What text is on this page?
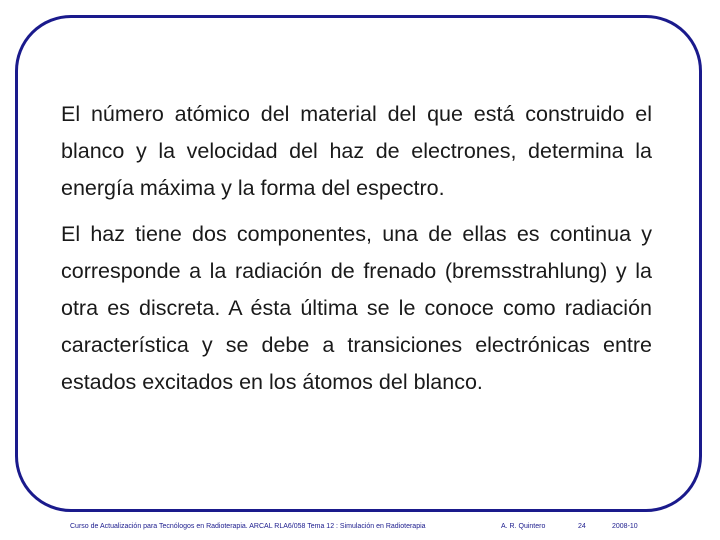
El número atómico del material del que está construido el blanco y la velocidad del haz de electrones, determina la energía máxima y la forma del espectro.

El haz tiene dos componentes, una de ellas es continua y corresponde a la radiación de frenado (bremsstrahlung) y la otra es discreta. A ésta última se le conoce como radiación característica y se debe a transiciones electrónicas entre estados excitados en los átomos del blanco.

Curso de Actualización para Tecnólogos en Radioterapia. ARCAL RLA6/058 Tema 12 : Simulación en Radioterapia	A. R. Quintero	24	2008-10
